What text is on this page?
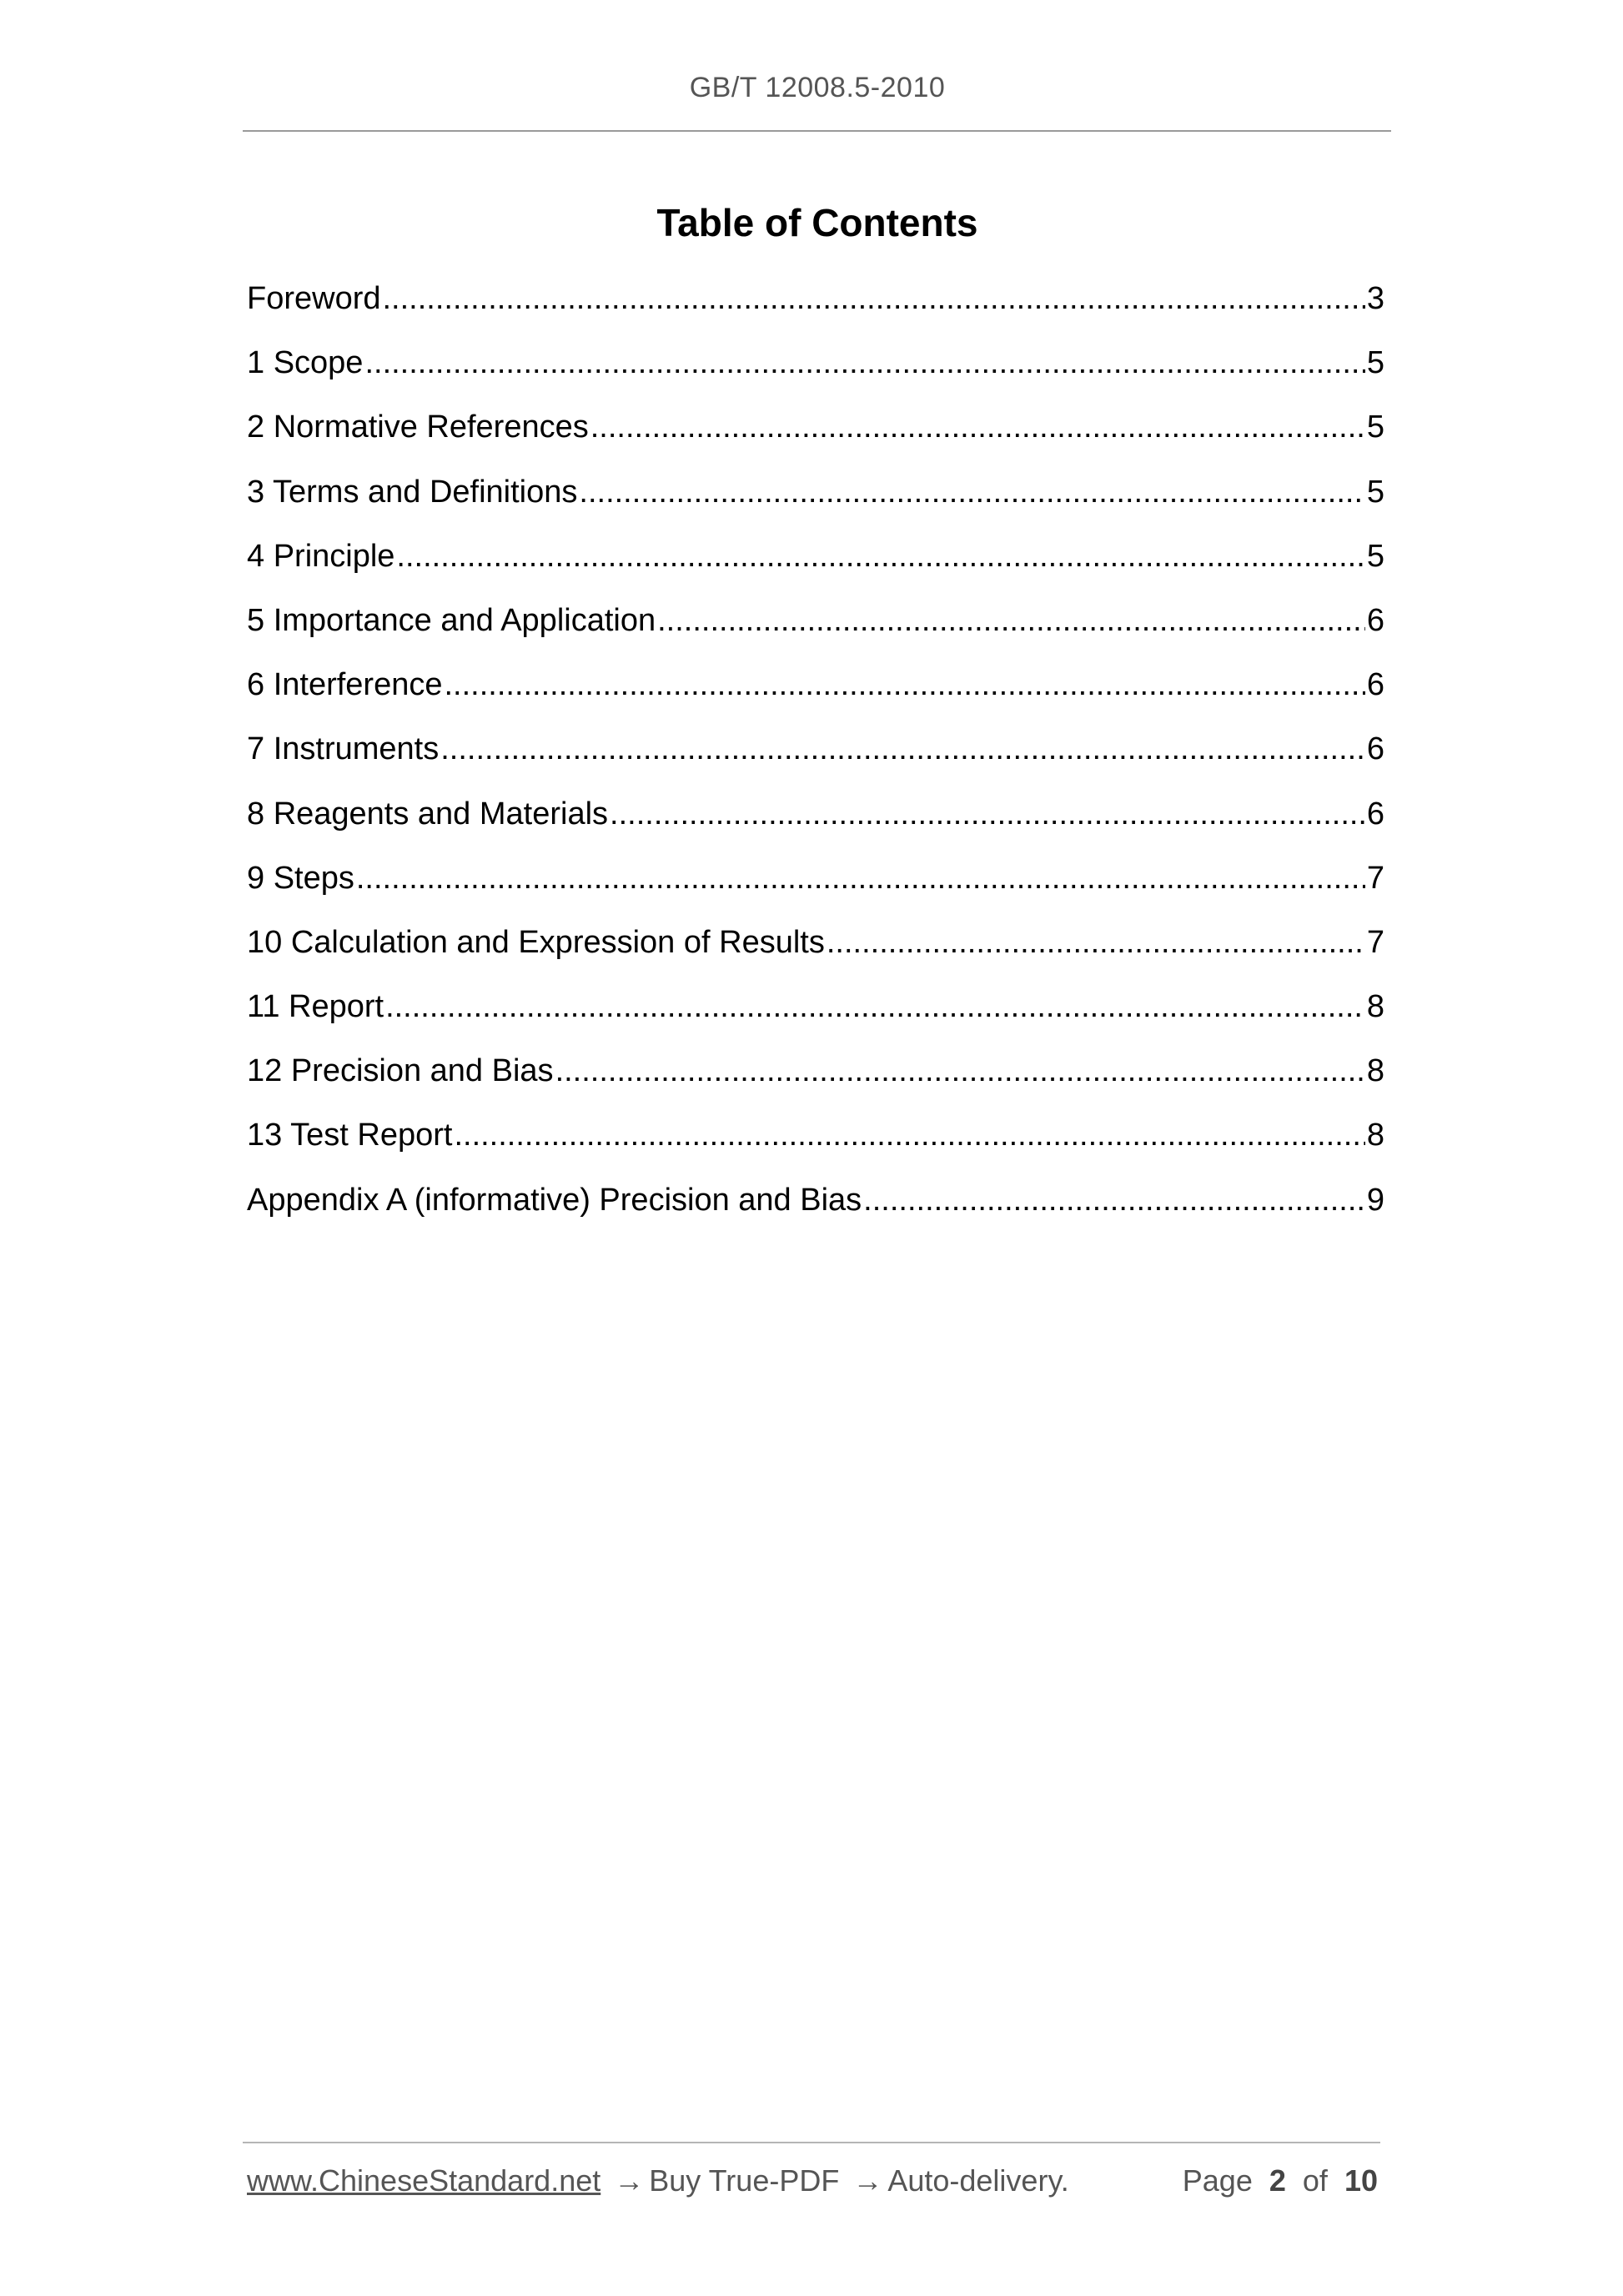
GB/T 12008.5-2010
Table of Contents
Foreword .....	3
1 Scope .....	5
2 Normative References .....	5
3 Terms and Definitions .....	5
4 Principle .....	5
5 Importance and Application .....	6
6 Interference .....	6
7 Instruments .....	6
8 Reagents and Materials .....	6
9 Steps .....	7
10 Calculation and Expression of Results .....	7
11 Report .....	8
12 Precision and Bias .....	8
13 Test Report .....	8
Appendix A (informative) Precision and Bias .....	9
www.ChineseStandard.net → Buy True-PDF → Auto-delivery.	Page 2 of 10
